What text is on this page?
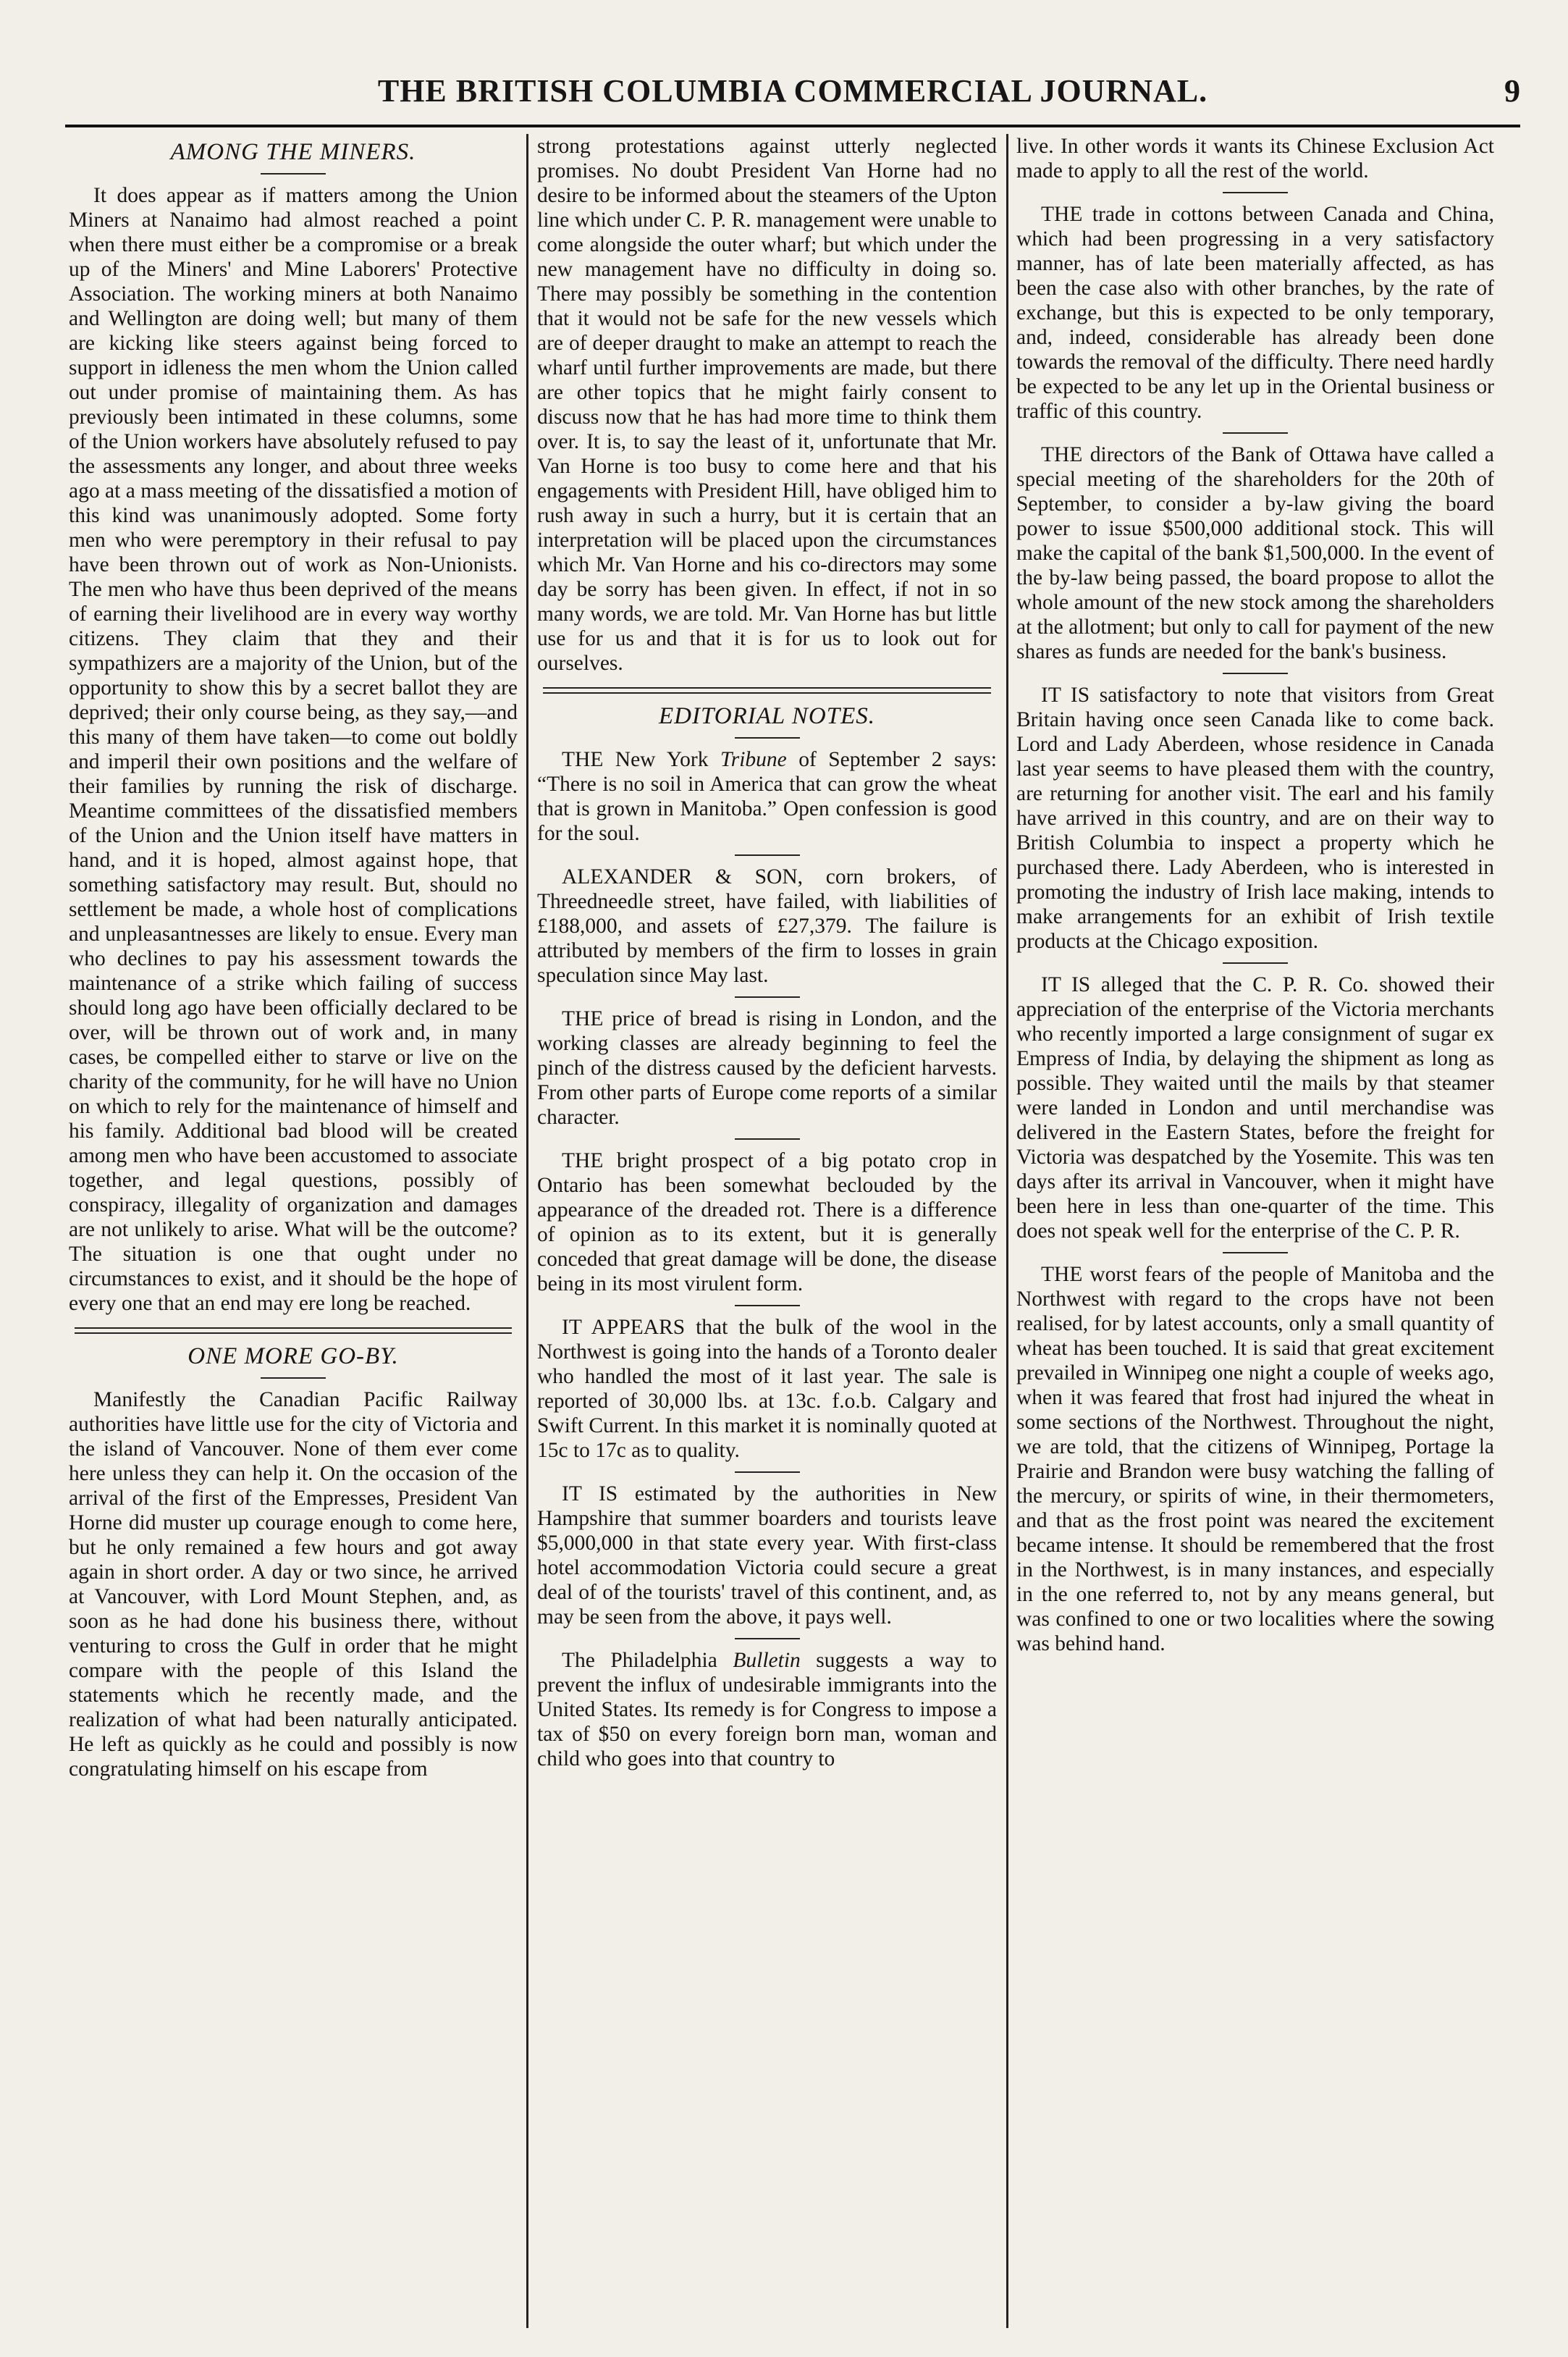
THE BRITISH COLUMBIA COMMERCIAL JOURNAL.	9
AMONG THE MINERS.

It does appear as if matters among the Union Miners at Nanaimo had almost reached a point when there must either be a compromise or a break up of the Miners' and Mine Laborers' Protective Association. The working miners at both Nanaimo and Wellington are doing well; but many of them are kicking like steers against being forced to support in idleness the men whom the Union called out under promise of maintaining them. As has previously been intimated in these columns, some of the Union workers have absolutely refused to pay the assessments any longer, and about three weeks ago at a mass meeting of the dissatisfied a motion of this kind was unanimously adopted. Some forty men who were peremptory in their refusal to pay have been thrown out of work as Non-Unionists. The men who have thus been deprived of the means of earning their livelihood are in every way worthy citizens. They claim that they and their sympathizers are a majority of the Union, but of the opportunity to show this by a secret ballot they are deprived; their only course being, as they say,—and this many of them have taken—to come out boldly and imperil their own positions and the welfare of their families by running the risk of discharge. Meantime committees of the dissatisfied members of the Union and the Union itself have matters in hand, and it is hoped, almost against hope, that something satisfactory may result. But, should no settlement be made, a whole host of complications and unpleasantnesses are likely to ensue. Every man who declines to pay his assessment towards the maintenance of a strike which failing of success should long ago have been officially declared to be over, will be thrown out of work and, in many cases, be compelled either to starve or live on the charity of the community, for he will have no Union on which to rely for the maintenance of himself and his family. Additional bad blood will be created among men who have been accustomed to associate together, and legal questions, possibly of conspiracy, illegality of organization and damages are not unlikely to arise. What will be the outcome? The situation is one that ought under no circumstances to exist, and it should be the hope of every one that an end may ere long be reached.

ONE MORE GO-BY.

Manifestly the Canadian Pacific Railway authorities have little use for the city of Victoria and the island of Vancouver. None of them ever come here unless they can help it. On the occasion of the arrival of the first of the Empresses, President Van Horne did muster up courage enough to come here, but he only remained a few hours and got away again in short order. A day or two since, he arrived at Vancouver, with Lord Mount Stephen, and, as soon as he had done his business there, without venturing to cross the Gulf in order that he might compare with the people of this Island the statements which he recently made, and the realization of what had been naturally anticipated. He left as quickly as he could and possibly is now congratulating himself on his escape from

strong protestations against utterly neglected promises. No doubt President Van Horne had no desire to be informed about the steamers of the Upton line which under C. P. R. management were unable to come alongside the outer wharf; but which under the new management have no difficulty in doing so. There may possibly be something in the contention that it would not be safe for the new vessels which are of deeper draught to make an attempt to reach the wharf until further improvements are made, but there are other topics that he might fairly consent to discuss now that he has had more time to think them over. It is, to say the least of it, unfortunate that Mr. Van Horne is too busy to come here and that his engagements with President Hill, have obliged him to rush away in such a hurry, but it is certain that an interpretation will be placed upon the circumstances which Mr. Van Horne and his co-directors may some day be sorry has been given. In effect, if not in so many words, we are told. Mr. Van Horne has but little use for us and that it is for us to look out for ourselves.

EDITORIAL NOTES.

THE New York Tribune of September 2 says: “There is no soil in America that can grow the wheat that is grown in Manitoba.” Open confession is good for the soul.

ALEXANDER & SON, corn brokers, of Threedneedle street, have failed, with liabilities of £188,000, and assets of £27,379. The failure is attributed by members of the firm to losses in grain speculation since May last.

THE price of bread is rising in London, and the working classes are already beginning to feel the pinch of the distress caused by the deficient harvests. From other parts of Europe come reports of a similar character.

THE bright prospect of a big potato crop in Ontario has been somewhat beclouded by the appearance of the dreaded rot. There is a difference of opinion as to its extent, but it is generally conceded that great damage will be done, the disease being in its most virulent form.

IT APPEARS that the bulk of the wool in the Northwest is going into the hands of a Toronto dealer who handled the most of it last year. The sale is reported of 30,000 lbs. at 13c. f.o.b. Calgary and Swift Current. In this market it is nominally quoted at 15c to 17c as to quality.

IT IS estimated by the authorities in New Hampshire that summer boarders and tourists leave $5,000,000 in that state every year. With first-class hotel accommodation Victoria could secure a great deal of of the tourists' travel of this continent, and, as may be seen from the above, it pays well.

The Philadelphia Bulletin suggests a way to prevent the influx of undesirable immigrants into the United States. Its remedy is for Congress to impose a tax of $50 on every foreign born man, woman and child who goes into that country to

live. In other words it wants its Chinese Exclusion Act made to apply to all the rest of the world.

THE trade in cottons between Canada and China, which had been progressing in a very satisfactory manner, has of late been materially affected, as has been the case also with other branches, by the rate of exchange, but this is expected to be only temporary, and, indeed, considerable has already been done towards the removal of the difficulty. There need hardly be expected to be any let up in the Oriental business or traffic of this country.

THE directors of the Bank of Ottawa have called a special meeting of the shareholders for the 20th of September, to consider a by-law giving the board power to issue $500,000 additional stock. This will make the capital of the bank $1,500,000. In the event of the by-law being passed, the board propose to allot the whole amount of the new stock among the shareholders at the allotment; but only to call for payment of the new shares as funds are needed for the bank's business.

IT IS satisfactory to note that visitors from Great Britain having once seen Canada like to come back. Lord and Lady Aberdeen, whose residence in Canada last year seems to have pleased them with the country, are returning for another visit. The earl and his family have arrived in this country, and are on their way to British Columbia to inspect a property which he purchased there. Lady Aberdeen, who is interested in promoting the industry of Irish lace making, intends to make arrangements for an exhibit of Irish textile products at the Chicago exposition.

IT IS alleged that the C. P. R. Co. showed their appreciation of the enterprise of the Victoria merchants who recently imported a large consignment of sugar ex Empress of India, by delaying the shipment as long as possible. They waited until the mails by that steamer were landed in London and until merchandise was delivered in the Eastern States, before the freight for Victoria was despatched by the Yosemite. This was ten days after its arrival in Vancouver, when it might have been here in less than one-quarter of the time. This does not speak well for the enterprise of the C. P. R.

THE worst fears of the people of Manitoba and the Northwest with regard to the crops have not been realised, for by latest accounts, only a small quantity of wheat has been touched. It is said that great excitement prevailed in Winnipeg one night a couple of weeks ago, when it was feared that frost had injured the wheat in some sections of the Northwest. Throughout the night, we are told, that the citizens of Winnipeg, Portage la Prairie and Brandon were busy watching the falling of the mercury, or spirits of wine, in their thermometers, and that as the frost point was neared the excitement became intense. It should be remembered that the frost in the Northwest, is in many instances, and especially in the one referred to, not by any means general, but was confined to one or two localities where the sowing was behind hand.
